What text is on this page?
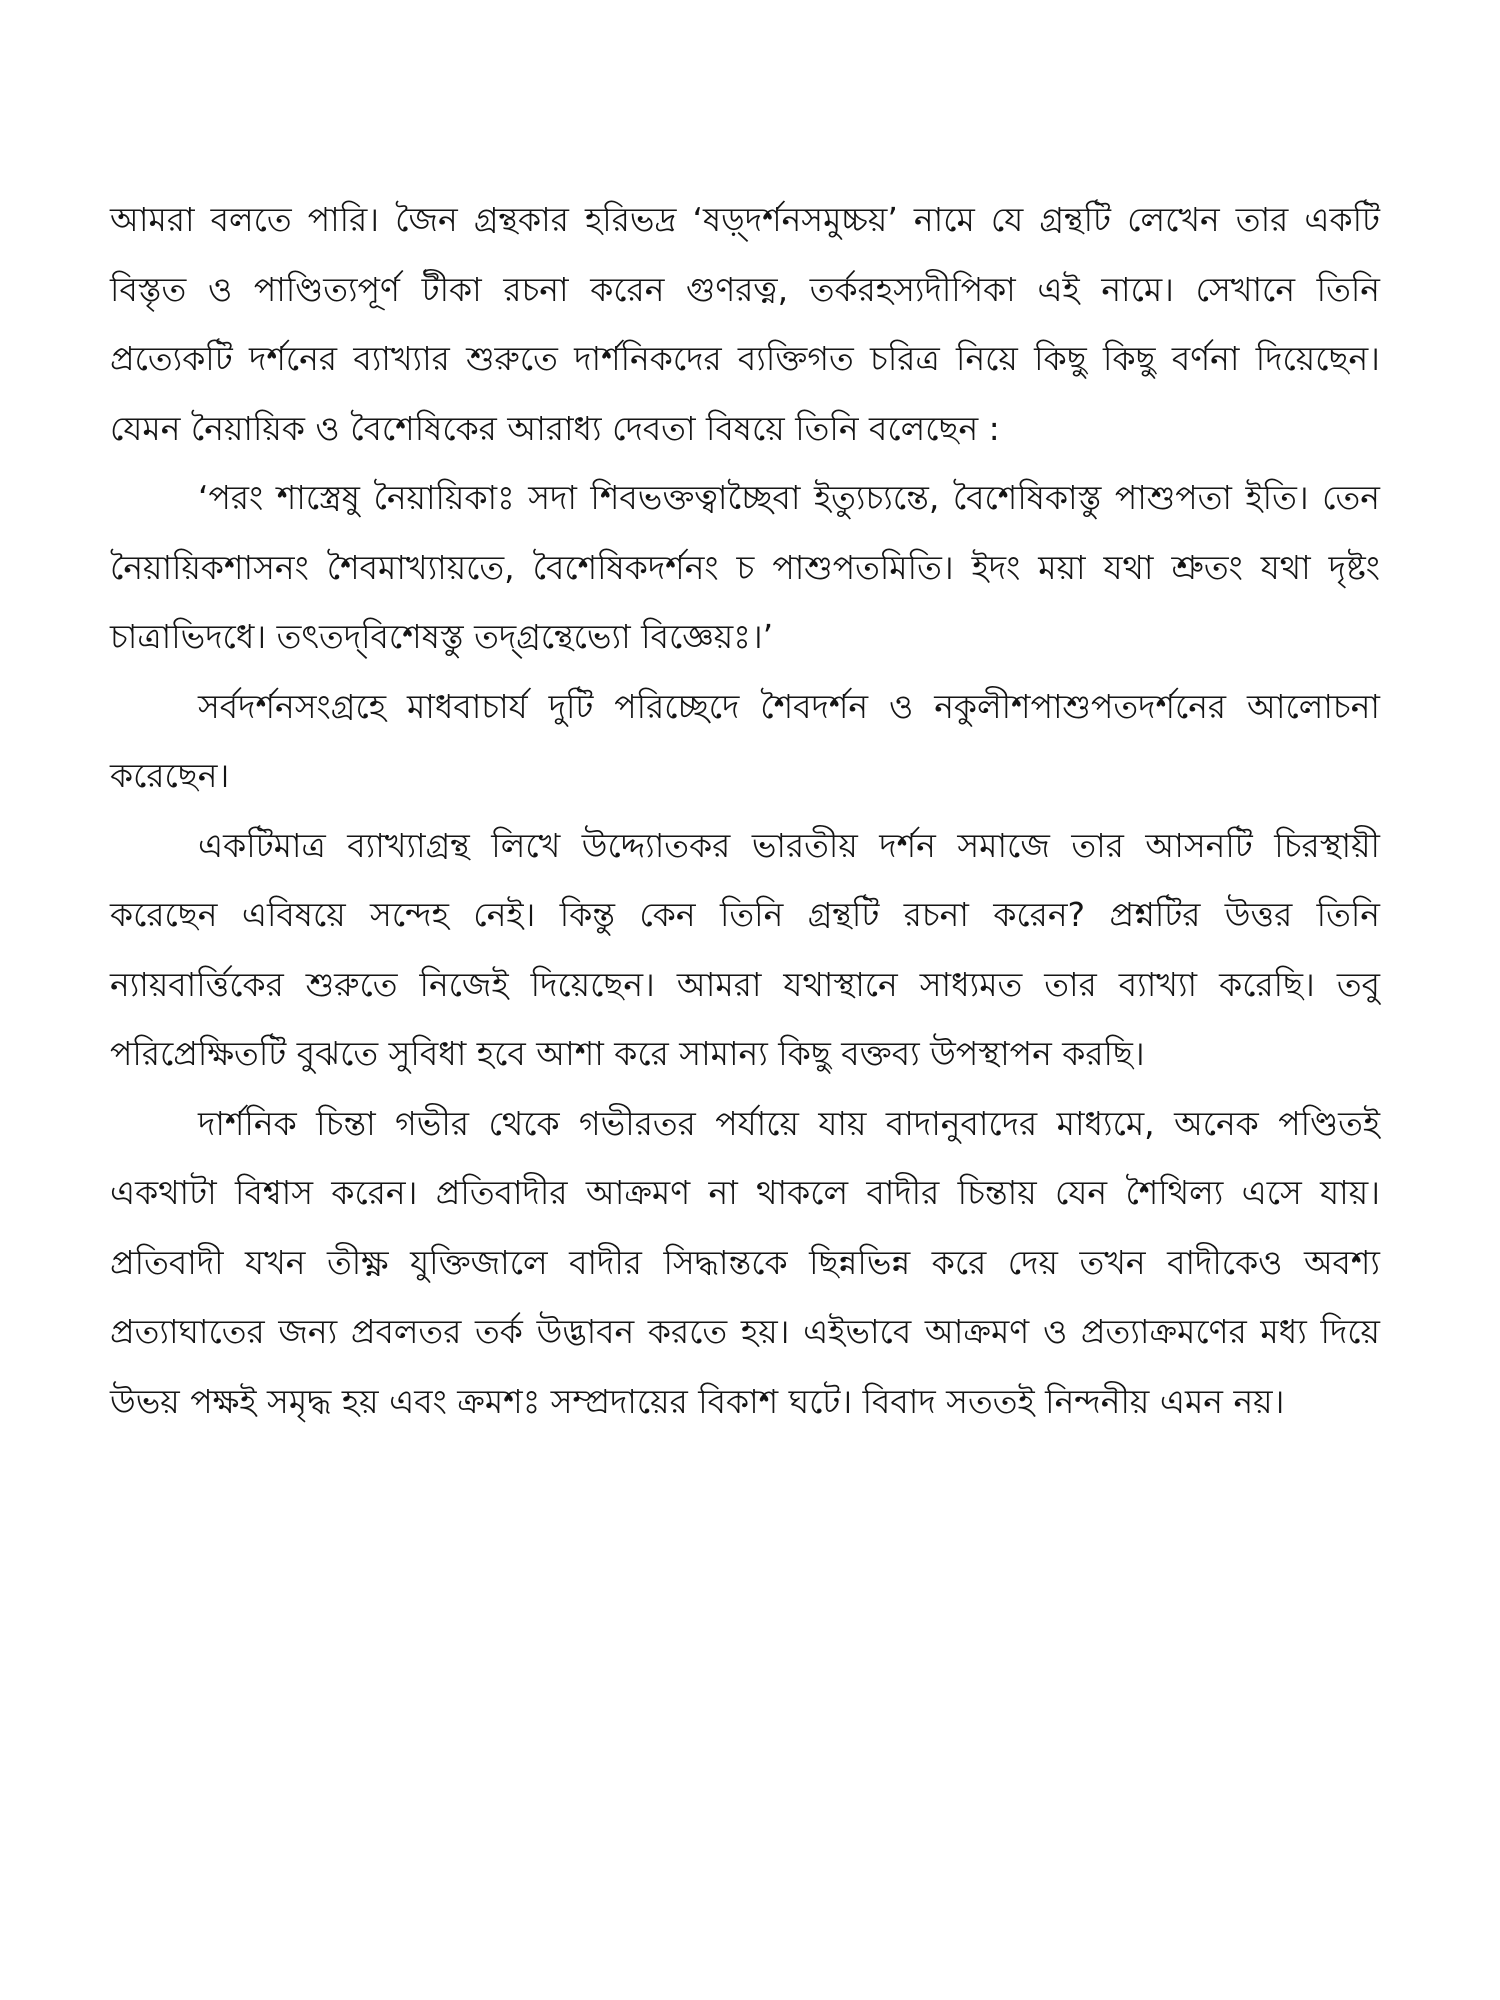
আমরা বলতে পারি। জৈন গ্রন্থকার হরিভদ্র ‘ষড়্‌দর্শনসমুচ্চয়’ নামে যে গ্রন্থটি লেখেন তার একটি বিস্তৃত ও পাণ্ডিত্যপূর্ণ টীকা রচনা করেন গুণরত্ন, তর্করহস্যদীপিকা এই নামে। সেখানে তিনি প্রত্যেকটি দর্শনের ব্যাখ্যার শুরুতে দার্শনিকদের ব্যক্তিগত চরিত্র নিয়ে কিছু কিছু বর্ণনা দিয়েছেন। যেমন নৈয়ায়িক ও বৈশেষিকের আরাধ্য দেবতা বিষয়ে তিনি বলেছেন :

‘পরং শাস্ত্রেষু নৈয়ায়িকাঃ সদা শিবভক্তত্বাচ্ছৈবা ইত্যুচ্যন্তে, বৈশেষিকাস্তু পাশুপতা ইতি। তেন নৈয়ায়িকশাসনং শৈবমাখ্যায়তে, বৈশেষিকদর্শনং চ পাশুপতমিতি। ইদং ময়া যথা শ্রুতং যথা দৃষ্টং চাত্রাভিদধে। তৎতদ্‌বিশেষস্তু তদ্‌গ্রন্থেভ্যো বিজ্ঞেয়ঃ।’

সর্বদর্শনসংগ্রহে মাধবাচার্য দুটি পরিচ্ছেদে শৈবদর্শন ও নকুলীশপাশুপতদর্শনের আলোচনা করেছেন।

একটিমাত্র ব্যাখ্যাগ্রন্থ লিখে উদ্দ্যোতকর ভারতীয় দর্শন সমাজে তার আসনটি চিরস্থায়ী করেছেন এবিষয়ে সন্দেহ নেই। কিন্তু কেন তিনি গ্রন্থটি রচনা করেন? প্রশ্নটির উত্তর তিনি ন্যায়বার্ত্তিকের শুরুতে নিজেই দিয়েছেন। আমরা যথাস্থানে সাধ্যমত তার ব্যাখ্যা করেছি। তবু পরিপ্রেক্ষিতটি বুঝতে সুবিধা হবে আশা করে সামান্য কিছু বক্তব্য উপস্থাপন করছি।

দার্শনিক চিন্তা গভীর থেকে গভীরতর পর্যায়ে যায় বাদানুবাদের মাধ্যমে, অনেক পণ্ডিতই একথাটা বিশ্বাস করেন। প্রতিবাদীর আক্রমণ না থাকলে বাদীর চিন্তায় যেন শৈথিল্য এসে যায়। প্রতিবাদী যখন তীক্ষ্ণ যুক্তিজালে বাদীর সিদ্ধান্তকে ছিন্নভিন্ন করে দেয় তখন বাদীকেও অবশ্য প্রত্যাঘাতের জন্য প্রবলতর তর্ক উদ্ভাবন করতে হয়। এইভাবে আক্রমণ ও প্রত্যাক্রমণের মধ্য দিয়ে উভয় পক্ষই সমৃদ্ধ হয় এবং ক্রমশঃ সম্প্রদায়ের বিকাশ ঘটে। বিবাদ সততই নিন্দনীয় এমন নয়।
